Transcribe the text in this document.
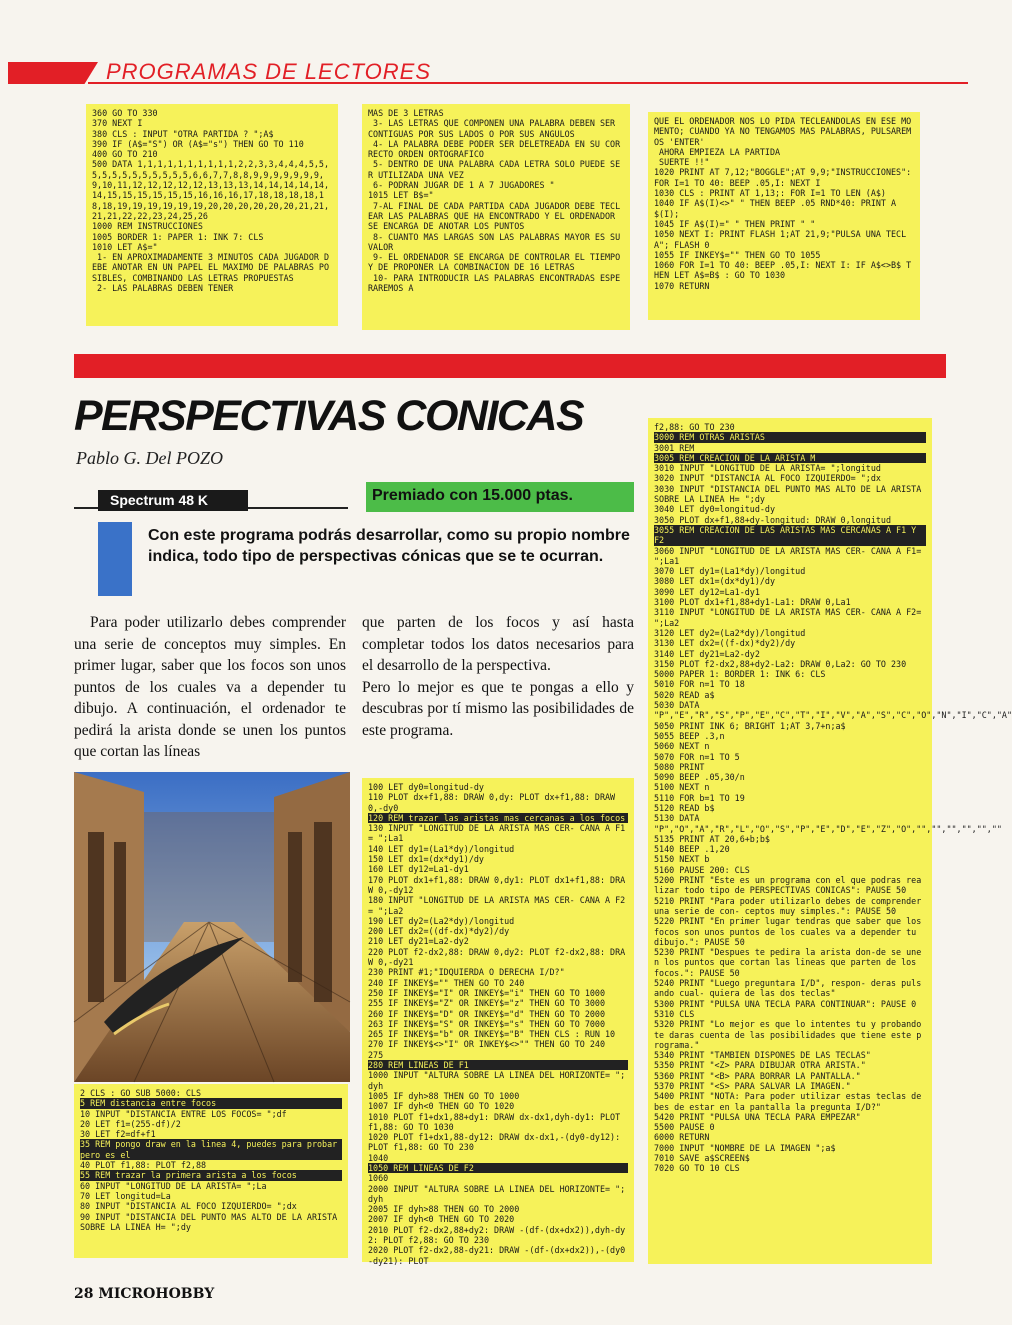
PROGRAMAS DE LECTORES
360 GO TO 330
370 NEXT I
380 CLS : INPUT "OTRA PARTIDA ? ";A$
390 IF (A$="S") OR (A$="s") THEN GO TO 110
400 GO TO 210
500 DATA 1,1,1,1,1,1,1,1,1,1,2,2,3,3,4,4,4,5,5,5,5,5,5,5,5,5,5,5,5,6,6,7,7,8,8,9,9,9,9,9,9,9,9,10,11,12,12,12,12,12,13,13,13,14,14,14,14,14,14,15,15,15,15,15,15,16,16,16,17,18,18,18,18,18,18,19,19,19,19,19,19,20,20,20,20,20,20,21,21,21,21,22,22,23,24,25,26
1000 REM INSTRUCCIONES
1005 BORDER 1: PAPER 1: INK 7: CLS
1010 LET A$="
1- EN APROXIMADAMENTE 3 MINUTOS CADA JUGADOR DEBE ANOTAR EN UN PAPEL EL MAXIMO DE PALABRAS POSIBLES, COMBINANDO LAS LETRAS PROPUESTAS
2- LAS PALABRAS DEBEN TENER
MAS DE 3 LETRAS
3- LAS LETRAS QUE COMPONEN UNA PALABRA DEBEN SER CONTIGUAS POR SUS LADOS O POR SUS ANGULOS
4- LA PALABRA DEBE PODER SER DELETREADA EN SU CORRECTO ORDEN ORTOGRAFICO
5- DENTRO DE UNA PALABRA CADA LETRA SOLO PUEDE SER UTILIZADA UNA VEZ
6- PODRAN JUGAR DE 1 A 7 JUGADORES "
1015 LET B$="
7-AL FINAL DE CADA PARTIDA CADA JUGADOR DEBE TECLEAR LAS PALABRAS QUE HA ENCONTRADO Y EL ORDENADOR SE ENCARGA DE ANOTAR LOS PUNTOS
8- CUANTO MAS LARGAS SON LAS PALABRAS MAYOR ES SU VALOR
9- EL ORDENADOR SE ENCARGA DE CONTROLAR EL TIEMPO Y DE PROPONER LA COMBINACION DE 16 LETRAS
10- PARA INTRODUCIR LAS PALABRAS ENCONTRADAS ESPERAREMOS A
QUE EL ORDENADOR NOS LO PIDA TECLEANDOLAS EN ESE MOMENTO; CUANDO YA NO TENGAMOS MAS PALABRAS, PULSAREMOS 'ENTER'
AHORA EMPIEZA LA PARTIDA
SUERTE !!"
1020 PRINT AT 7,12;"BOGGLE";AT 9,9;"INSTRUCCIONES": FOR I=1 TO 40: BEEP .05,I: NEXT I
1030 CLS : PRINT AT 1,13;: FOR I=1 TO LEN (A$)
1040 IF A$(I)<>" " THEN BEEP .05 RND*40: PRINT A$(I);
1045 IF A$(I)=" " THEN PRINT " "
1050 NEXT I: PRINT FLASH 1;AT 21,9;"PULSA UNA TECLA"; FLASH 0
1055 IF INKEY$="" THEN GO TO 1055
1060 FOR I=1 TO 40: BEEP .05,I: NEXT I: IF A$<>B$ THEN LET A$=B$ : GO TO 1030
1070 RETURN
PERSPECTIVAS CONICAS
Pablo G. Del POZO
Spectrum 48 K	Premiado con 15.000 ptas.
Con este programa podrás desarrollar, como su propio nombre indica, todo tipo de perspectivas cónicas que se te ocurran.
Para poder utilizarlo debes comprender una serie de conceptos muy simples. En primer lugar, saber que los focos son unos puntos de los cuales va a depender tu dibujo. A continuación, el ordenador te pedirá la arista donde se unen los puntos que cortan las líneas
que parten de los focos y así hasta completar todos los datos necesarios para el desarrollo de la perspectiva.
Pero lo mejor es que te pongas a ello y descubras por tí mismo las posibilidades de este programa.
2 CLS : GO SUB 5000: CLS
5 REM distancia entre focos
10 INPUT "DISTANCIA ENTRE LOS FOCOS= ";df
20 LET f1=(255-df)/2
30 LET f2=df+f1
35 REM pongo draw en la linea 4, puedes para probar pero es el
40 PLOT f1,88: PLOT f2,88
55 REM trazar la primera arista a los focos
60 INPUT "LONGITUD DE LA ARISTA= ";La
70 LET longitud=La
80 INPUT "DISTANCIA AL FOCO IZQUIERDO= ";dx
90 INPUT "DISTANCIA DEL PUNTO MAS ALTO DE LA ARISTA SOBRE LA LINEA H= ";dy
100 LET dy0=longitud-dy
110 PLOT dx+f1,88: DRAW 0,dy: PLOT dx+f1,88: DRAW 0,-dy0
120 REM trazar las aristas mas cercanas a los focos
130 INPUT "LONGITUD DE LA ARISTA MAS CER- CANA A F1= ";La1
140 LET dy1=(La1*dy)/longitud
150 LET dx1=(dx*dy1)/dy
160 LET dy12=La1-dy1
170 PLOT dx1+f1,88: DRAW 0,dy1: PLOT dx1+f1,88: DRAW 0,-dy12
180 INPUT "LONGITUD DE LA ARISTA MAS CER- CANA A F2= ";La2
190 LET dy2=(La2*dy)/longitud
200 LET dx2=((df-dx)*dy2)/dy
210 LET dy21=La2-dy2
220 PLOT f2-dx2,88: DRAW 0,dy2: PLOT f2-dx2,88: DRAW 0,-dy21
230 PRINT #1;"IDQUIERDA O DERECHA I/D?"
240 IF INKEY$="" THEN GO TO 240
250 IF INKEY$="I" OR INKEY$="i" THEN GO TO 1000
255 IF INKEY$="Z" OR INKEY$="z" THEN GO TO 3000
260 IF INKEY$="D" OR INKEY$="d" THEN GO TO 2000
263 IF INKEY$="S" OR INKEY$="s" THEN GO TO 7000
265 IF INKEY$="b" OR INKEY$="B" THEN CLS : RUN 10
270 IF INKEY$<>"I" OR INKEY$<>"" THEN GO TO 240
275
280 REM LINEAS DE F1
1000 INPUT "ALTURA SOBRE LA LINEA DEL HORIZONTE= ";dyh
1005 IF dyh>88 THEN GO TO 1000
1007 IF dyh<0 THEN GO TO 1020
1010 PLOT f1+dx1,88+dy1: DRAW dx-dx1,dyh-dy1: PLOT f1,88: GO TO 1030
1020 PLOT f1+dx1,88-dy12: DRAW dx-dx1,-(dy0-dy12): PLOT f1,88: GO TO 230
1040
1050 REM LINEAS DE F2
1060
2000 INPUT "ALTURA SOBRE LA LINEA DEL HORIZONTE= ";dyh
2005 IF dyh>88 THEN GO TO 2000
2007 IF dyh<0 THEN GO TO 2020
2010 PLOT f2-dx2,88+dy2: DRAW -(df-(dx+dx2)),dyh-dy2: PLOT f2,88: GO TO 230
2020 PLOT f2-dx2,88-dy21: DRAW -(df-(dx+dx2)),-(dy0-dy21): PLOT
f2,88: GO TO 230
3000 REM OTRAS ARISTAS
3001 REM
3005 REM CREACION DE LA ARISTA M
3010 INPUT "LONGITUD DE LA ARISTA= ";longitud
3020 INPUT "DISTANCIA AL FOCO IZQUIERDO= ";dx
3030 INPUT "DISTANCIA DEL PUNTO MAS ALTO DE LA ARISTA SOBRE LA LINEA H= ";dy
3040 LET dy0=longitud-dy
3050 PLOT dx+f1,88+dy-longitud: DRAW 0,longitud
3055 REM CREACION DE LAS ARISTAS MAS CERCANAS A F1 Y F2
3060 INPUT "LONGITUD DE LA ARISTA MAS CER- CANA A F1= ";La1
3070 LET dy1=(La1*dy)/longitud
3080 LET dx1=(dx*dy1)/dy
3090 LET dy12=La1-dy1
3100 PLOT dx1+f1,88+dy1-La1: DRAW 0,La1
3110 INPUT "LONGITUD DE LA ARISTA MAS CER- CANA A F2= ";La2
3120 LET dy2=(La2*dy)/longitud
3130 LET dx2=((f-dx)*dy2)/dy
3140 LET dy21=La2-dy2
3150 PLOT f2-dx2,88+dy2-La2: DRAW 0,La2: GO TO 230
5000 PAPER 1: BORDER 1: INK 6: CLS
5010 FOR n=1 TO 18
5020 READ a$
5030 DATA "P","E","R","S","P","E","C","T","I","V","A","S","C","O","N","I","C","A"
5050 PRINT INK 6; BRIGHT 1;AT 3,7+n;a$
5055 BEEP .3,n
5060 NEXT n
5070 FOR n=1 TO 5
5080 PRINT
5090 BEEP .05,30/n
5100 NEXT n
5110 FOR b=1 TO 19
5120 READ b$
5130 DATA "P","O","A","R","L","O","S","P","E","D","E","Z","O","","","","","",""
5135 PRINT AT 20,6+b;b$
5140 BEEP .1,20
5150 NEXT b
5160 PAUSE 200: CLS
5200 PRINT "Este es un programa con el que podras realizar todo tipo de PERSPECTIVAS CONICAS": PAUSE 50
5210 PRINT "Para poder utilizarlo debes de comprender una serie de con- ceptos muy simples.": PAUSE 50
5220 PRINT "En primer lugar tendras que saber que los focos son unos puntos de los cuales va a depender tu dibujo.": PAUSE 50
5230 PRINT "Despues te pedira la arista don-de se unen los puntos que cortan las lineas que parten de los focos.": PAUSE 50
5240 PRINT "Luego preguntara I/D", respon- deras pulsando cual- quiera de las dos teclas"
5300 PRINT "PULSA UNA TECLA PARA CONTINUAR": PAUSE 0
5310 CLS
5320 PRINT "Lo mejor es que lo intentes tu y probando te daras cuenta de las posibilidades que tiene este programa."
5340 PRINT "TAMBIEN DISPONES DE LAS TECLAS"
5350 PRINT "<Z> PARA DIBUJAR OTRA ARISTA."
5360 PRINT "<B> PARA BORRAR LA PANTALLA."
5370 PRINT "<S> PARA SALVAR LA IMAGEN."
5400 PRINT "NOTA: Para poder utilizar estas teclas debes de estar en la pantalla la pregunta I/D?"
5420 PRINT "PULSA UNA TECLA PARA EMPEZAR"
5500 PAUSE 0
6000 RETURN
7000 INPUT "NOMBRE DE LA IMAGEN ";a$
7010 SAVE a$SCREEN$
7020 GO TO 10 CLS
28 MICROHOBBY
